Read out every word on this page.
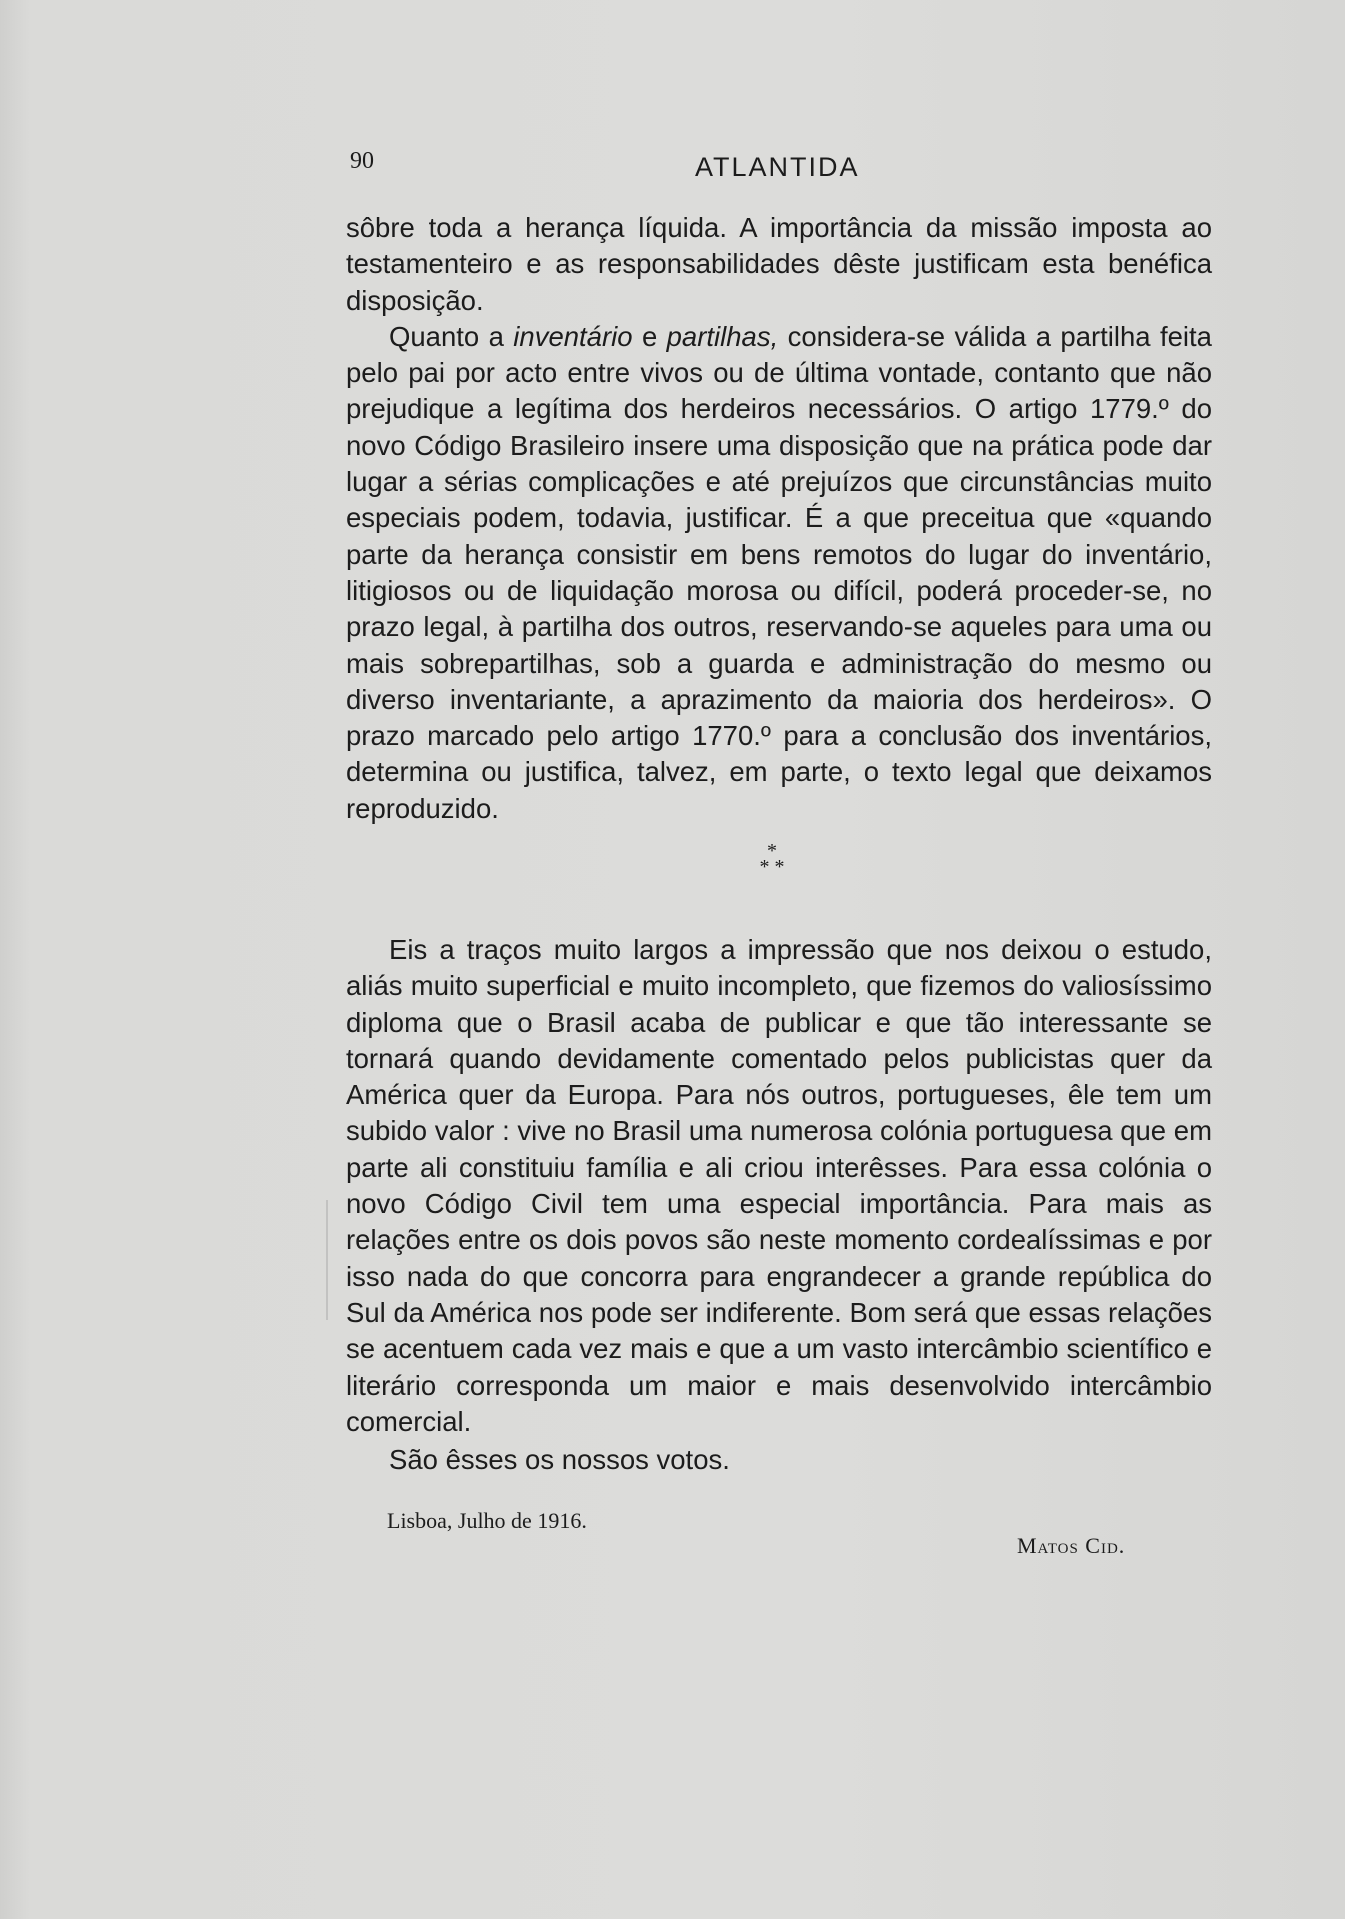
90	ATLANTIDA

sôbre toda a herança líquida. A importância da missão imposta ao testamenteiro e as responsabilidades dêste justificam esta benéfica disposição.

Quanto a inventário e partilhas, considera-se válida a partilha feita pelo pai por acto entre vivos ou de última vontade, contanto que não prejudique a legítima dos herdeiros necessários. O artigo 1779.º do novo Código Brasileiro insere uma disposição que na prática pode dar lugar a sérias complicações e até prejuízos que circunstâncias muito especiais podem, todavia, justificar. É a que preceitua que «quando parte da herança consistir em bens remotos do lugar do inventário, litigiosos ou de liquidação morosa ou difícil, poderá proceder-se, no prazo legal, à partilha dos outros, reservando-se aqueles para uma ou mais sobrepartilhas, sob a guarda e administração do mesmo ou diverso inventariante, a aprazimento da maioria dos herdeiros». O prazo marcado pelo artigo 1770.º para a conclusão dos inventários, determina ou justifica, talvez, em parte, o texto legal que deixamos reproduzido.

*
* *

Eis a traços muito largos a impressão que nos deixou o estudo, aliás muito superficial e muito incompleto, que fizemos do valiosíssimo diploma que o Brasil acaba de publicar e que tão interessante se tornará quando devidamente comentado pelos publicistas quer da América quer da Europa. Para nós outros, portugueses, êle tem um subido valor : vive no Brasil uma numerosa colónia portuguesa que em parte ali constituiu família e ali criou interêsses. Para essa colónia o novo Código Civil tem uma especial importância. Para mais as relações entre os dois povos são neste momento cordealíssimas e por isso nada do que concorra para engrandecer a grande república do Sul da América nos pode ser indiferente. Bom será que essas relações se acentuem cada vez mais e que a um vasto intercâmbio scientífico e literário corresponda um maior e mais desenvolvido intercâmbio comercial.

São êsses os nossos votos.
Lisboa, Julho de 1916.
Matos Cid.
